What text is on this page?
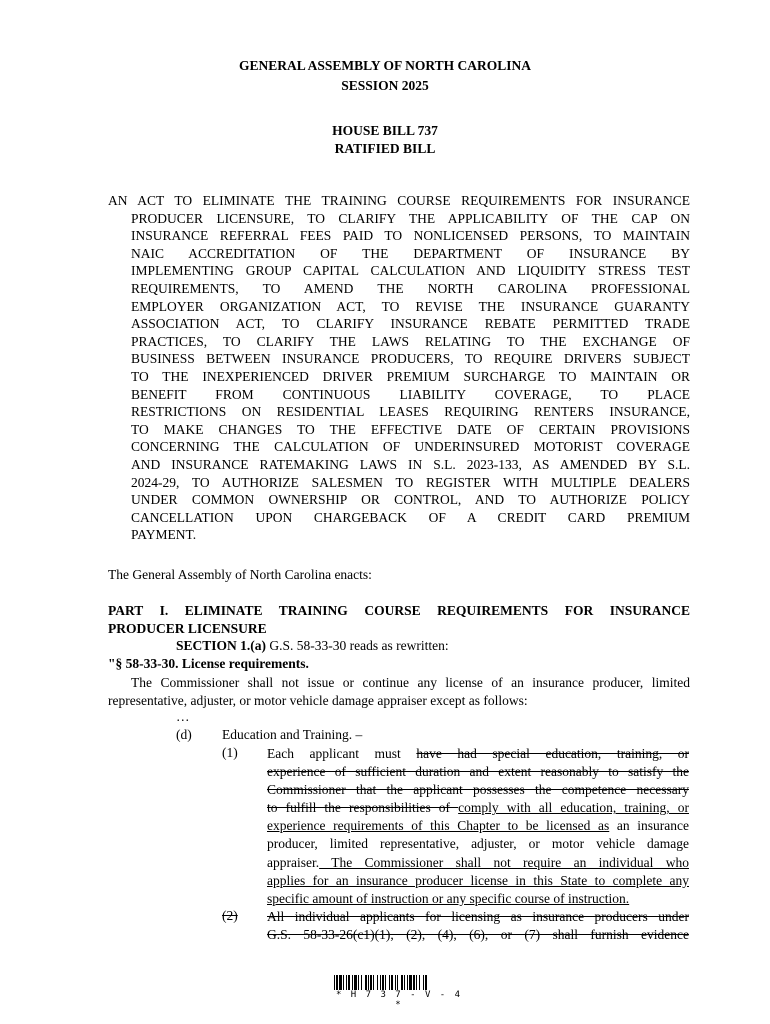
GENERAL ASSEMBLY OF NORTH CAROLINA
SESSION 2025
HOUSE BILL 737
RATIFIED BILL
AN ACT TO ELIMINATE THE TRAINING COURSE REQUIREMENTS FOR INSURANCE
PRODUCER LICENSURE, TO CLARIFY THE APPLICABILITY OF THE CAP ON
INSURANCE REFERRAL FEES PAID TO NONLICENSED PERSONS, TO MAINTAIN
NAIC ACCREDITATION OF THE DEPARTMENT OF INSURANCE BY
IMPLEMENTING GROUP CAPITAL CALCULATION AND LIQUIDITY STRESS TEST
REQUIREMENTS, TO AMEND THE NORTH CAROLINA PROFESSIONAL
EMPLOYER ORGANIZATION ACT, TO REVISE THE INSURANCE GUARANTY
ASSOCIATION ACT, TO CLARIFY INSURANCE REBATE PERMITTED TRADE
PRACTICES, TO CLARIFY THE LAWS RELATING TO THE EXCHANGE OF
BUSINESS BETWEEN INSURANCE PRODUCERS, TO REQUIRE DRIVERS SUBJECT
TO THE INEXPERIENCED DRIVER PREMIUM SURCHARGE TO MAINTAIN OR
BENEFIT FROM CONTINUOUS LIABILITY COVERAGE, TO PLACE
RESTRICTIONS ON RESIDENTIAL LEASES REQUIRING RENTERS INSURANCE,
TO MAKE CHANGES TO THE EFFECTIVE DATE OF CERTAIN PROVISIONS
CONCERNING THE CALCULATION OF UNDERINSURED MOTORIST COVERAGE
AND INSURANCE RATEMAKING LAWS IN S.L. 2023-133, AS AMENDED BY S.L.
2024-29, TO AUTHORIZE SALESMEN TO REGISTER WITH MULTIPLE DEALERS
UNDER COMMON OWNERSHIP OR CONTROL, AND TO AUTHORIZE POLICY
CANCELLATION UPON CHARGEBACK OF A CREDIT CARD PREMIUM
PAYMENT.
The General Assembly of North Carolina enacts:
PART I. ELIMINATE TRAINING COURSE REQUIREMENTS FOR INSURANCE
PRODUCER LICENSURE
SECTION 1.(a) G.S. 58-33-30 reads as rewritten:
"§ 58-33-30. License requirements.
The Commissioner shall not issue or continue any license of an insurance producer, limited
representative, adjuster, or motor vehicle damage appraiser except as follows:
…
(d) Education and Training. –
(1) Each applicant must have had special education, training, or
experience of sufficient duration and extent reasonably to satisfy the
Commissioner that the applicant possesses the competence necessary
to fulfill the responsibilities of comply with all education, training, or
experience requirements of this Chapter to be licensed as an insurance
producer, limited representative, adjuster, or motor vehicle damage
appraiser. The Commissioner shall not require an individual who
applies for an insurance producer license in this State to complete any
specific amount of instruction or any specific course of instruction.
(2) All individual applicants for licensing as insurance producers under
G.S. 58-33-26(c1)(1), (2), (4), (6), or (7) shall furnish evidence
* H 7 3 7 - V - 4 *
